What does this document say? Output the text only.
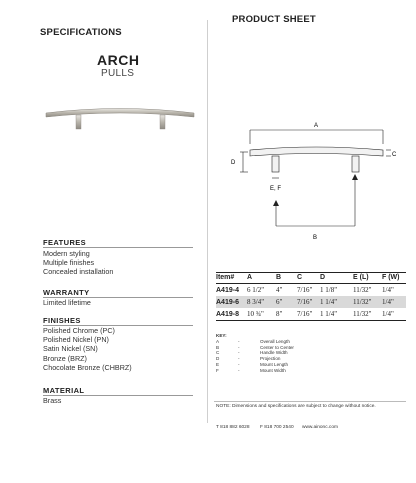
SPECIFICATIONS
PRODUCT SHEET
ARCH
PULLS
FEATURES
Modern styling
Multiple finishes
Concealed installation
WARRANTY
Limited lifetime
FINISHES
Polished Chrome (PC)
Polished Nickel (PN)
Satin Nickel (SN)
Bronze (BRZ)
Chocolate Bronze (CHBRZ)
MATERIAL
Brass
A
D
C
E, F
B
Item#	A	B	C	D	E (L)	F (W)
A419-4	6 1/2"	4"	7/16"	1 1/8"	11/32"	1/4"
A419-6	8 3/4"	6"	7/16"	1 1/4"	11/32"	1/4"
A419-8	10 ¾"	8"	7/16"	1 1/4"	11/32"	1/4"
KEY:
A	-	Overall Length
B	-	Center to Center
C	-	Handle Width
D	-	Projection
E	-	Mount Length
F	-	Mount Width
NOTE: Dimensions and specifications are subject to change without notice.
T 818 882 6028 F 818 700 2540 www.ainonc.com
